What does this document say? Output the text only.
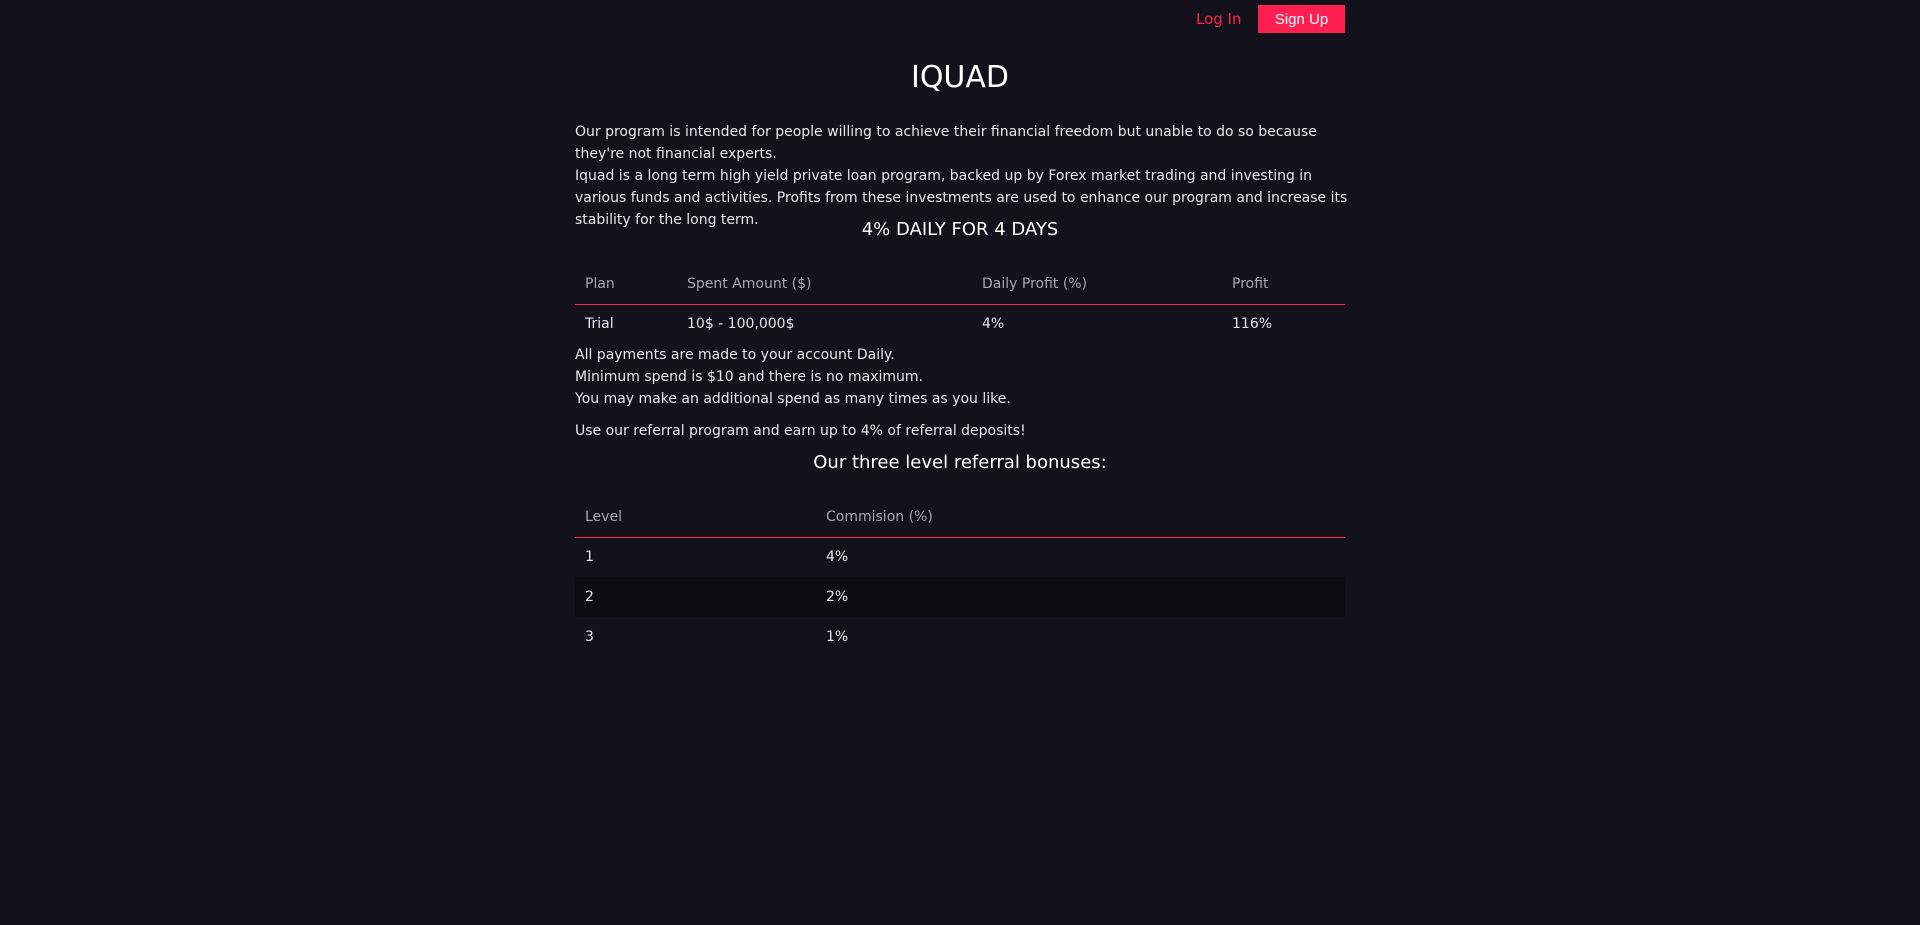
Log In	Sign Up
IQUAD

Our program is intended for people willing to achieve their financial freedom but unable to do so because they're not financial experts.

Iquad is a long term high yield private loan program, backed up by Forex market trading and investing in various funds and activities. Profits from these investments are used to enhance our program and increase its stability for the long term.	4% DAILY FOR 4 DAYS
Plan	Spent Amount ($)	Daily Profit (%)	Profit
Trial	10$ - 100,000$	4%	116%

All payments are made to your account Daily.

Minimum spend is $10 and there is no maximum.

You may make an additional spend as many times as you like.

Use our referral program and earn up to 4% of referral deposits!

Our three level referral bonuses:
Level	Commision (%)
1	4%
2	2%
3	1%
